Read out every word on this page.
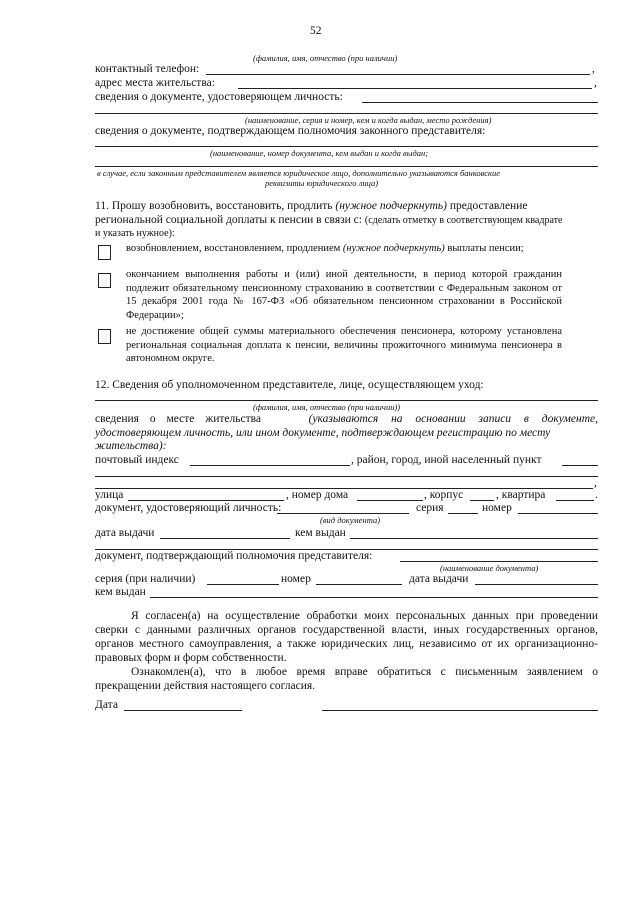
52
(фамилия, имя, отчество (при наличии)
контактный телефон:	,
адрес места жительства:	,
сведения о документе, удостоверяющем личность:
(наименование, серия и номер, кем и когда выдан, место рождения)
сведения о документе, подтверждающем полномочия законного представителя:
(наименование, номер документа, кем выдан и когда выдан;
в случае, если законным представителем является юридическое лицо, дополнительно указываются банковские
реквизиты юридического лица)
11. Прошу возобновить, восстановить, продлить (нужное подчеркнуть) предоставление
региональной социальной доплаты к пенсии в связи с: (сделать отметку в соответствующем квадрате
и указать нужное):
возобновлением, восстановлением, продлением (нужное подчеркнуть) выплаты пенсии;
окончанием выполнения работы и (или) иной деятельности, в период которой гражданин подлежит обязательному пенсионному страхованию в соответствии с Федеральным законом от 15 декабря 2001 года № 167-ФЗ «Об обязательном пенсионном страховании в Российской Федерации»;
не достижение общей суммы материального обеспечения пенсионера, которому установлена региональная социальная доплата к пенсии, величины прожиточного минимума пенсионера в автономном округе.
12. Сведения об уполномоченном представителе, лице, осуществляющем уход:
(фамилия, имя, отчество (при наличии))
сведения о месте жительства	(указываются на основании записи в документе,
удостоверяющем личность, или ином документе, подтверждающем регистрацию по месту
жительства):
почтовый индекс	, район, город, иной населенный пункт
,
улица	, номер дома	, корпус	, квартира	.
документ, удостоверяющий личность:	серия	номер
(вид документа)
дата выдачи	кем выдан
документ, подтверждающий полномочия представителя:
(наименование документа)
серия (при наличии)	номер	дата выдачи
кем выдан
Я согласен(а) на осуществление обработки моих персональных данных при проведении сверки с данными различных органов государственной власти, иных государственных органов, органов местного самоуправления, а также юридических лиц, независимо от их организационно-правовых форм и форм собственности.
Ознакомлен(а), что в любое время вправе обратиться с письменным заявлением о прекращении действия настоящего согласия.
Дата
